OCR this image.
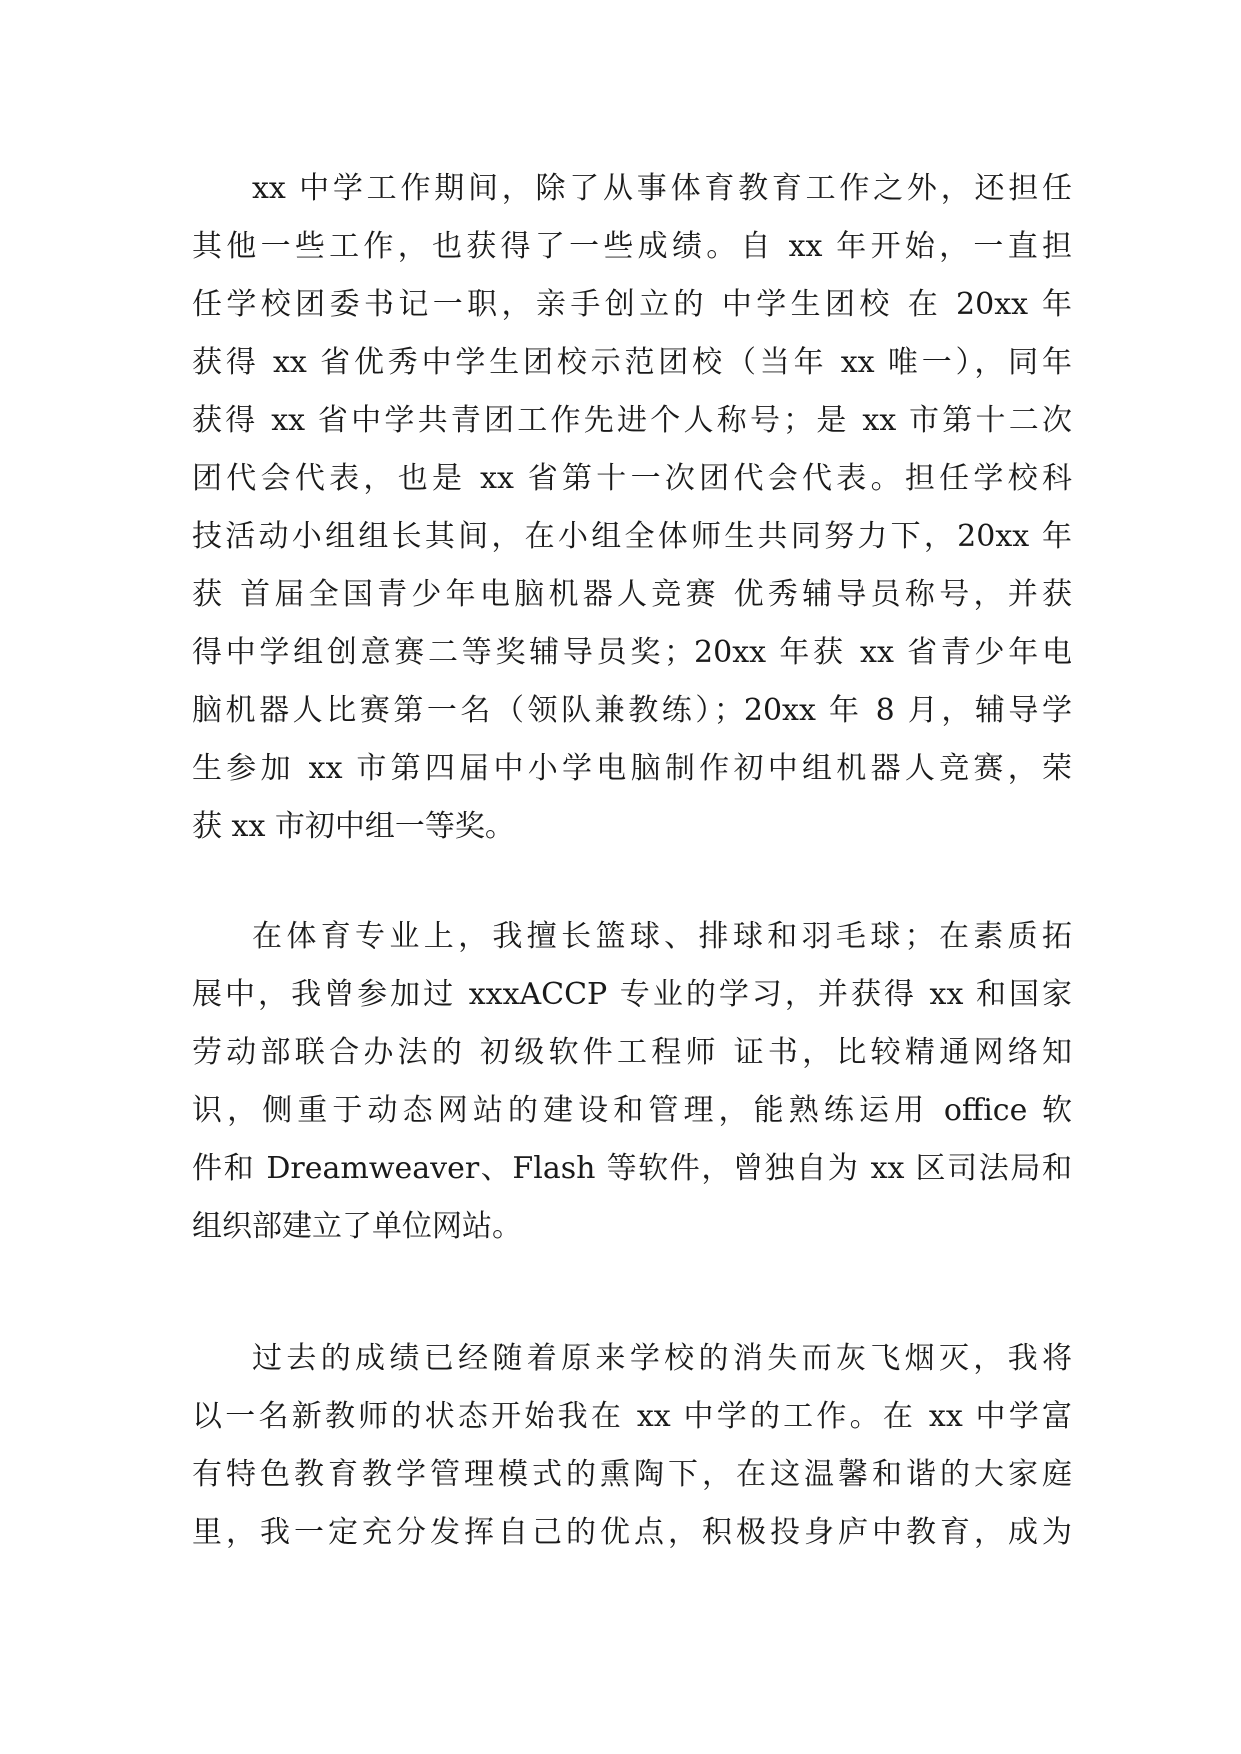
xx 中学工作期间，除了从事体育教育工作之外，还担任
其他一些工作，也获得了一些成绩。自 xx 年开始，一直担
任学校团委书记一职，亲手创立的 中学生团校 在 20xx 年
获得 xx 省优秀中学生团校示范团校（当年 xx 唯一），同年
获得 xx 省中学共青团工作先进个人称号；是 xx 市第十二次
团代会代表，也是 xx 省第十一次团代会代表。担任学校科
技活动小组组长其间，在小组全体师生共同努力下，20xx 年
获 首届全国青少年电脑机器人竞赛 优秀辅导员称号，并获
得中学组创意赛二等奖辅导员奖；20xx 年获 xx 省青少年电
脑机器人比赛第一名（领队兼教练）；20xx 年 8 月，辅导学
生参加 xx 市第四届中小学电脑制作初中组机器人竞赛，荣
获 xx 市初中组一等奖。
在体育专业上，我擅长篮球、排球和羽毛球；在素质拓
展中，我曾参加过 xxxACCP 专业的学习，并获得 xx 和国家
劳动部联合办法的 初级软件工程师 证书，比较精通网络知
识，侧重于动态网站的建设和管理，能熟练运用 office 软
件和 Dreamweaver、Flash 等软件，曾独自为 xx 区司法局和
组织部建立了单位网站。
过去的成绩已经随着原来学校的消失而灰飞烟灭，我将
以一名新教师的状态开始我在 xx 中学的工作。在 xx 中学富
有特色教育教学管理模式的熏陶下，在这温馨和谐的大家庭
里，我一定充分发挥自己的优点，积极投身庐中教育，成为
